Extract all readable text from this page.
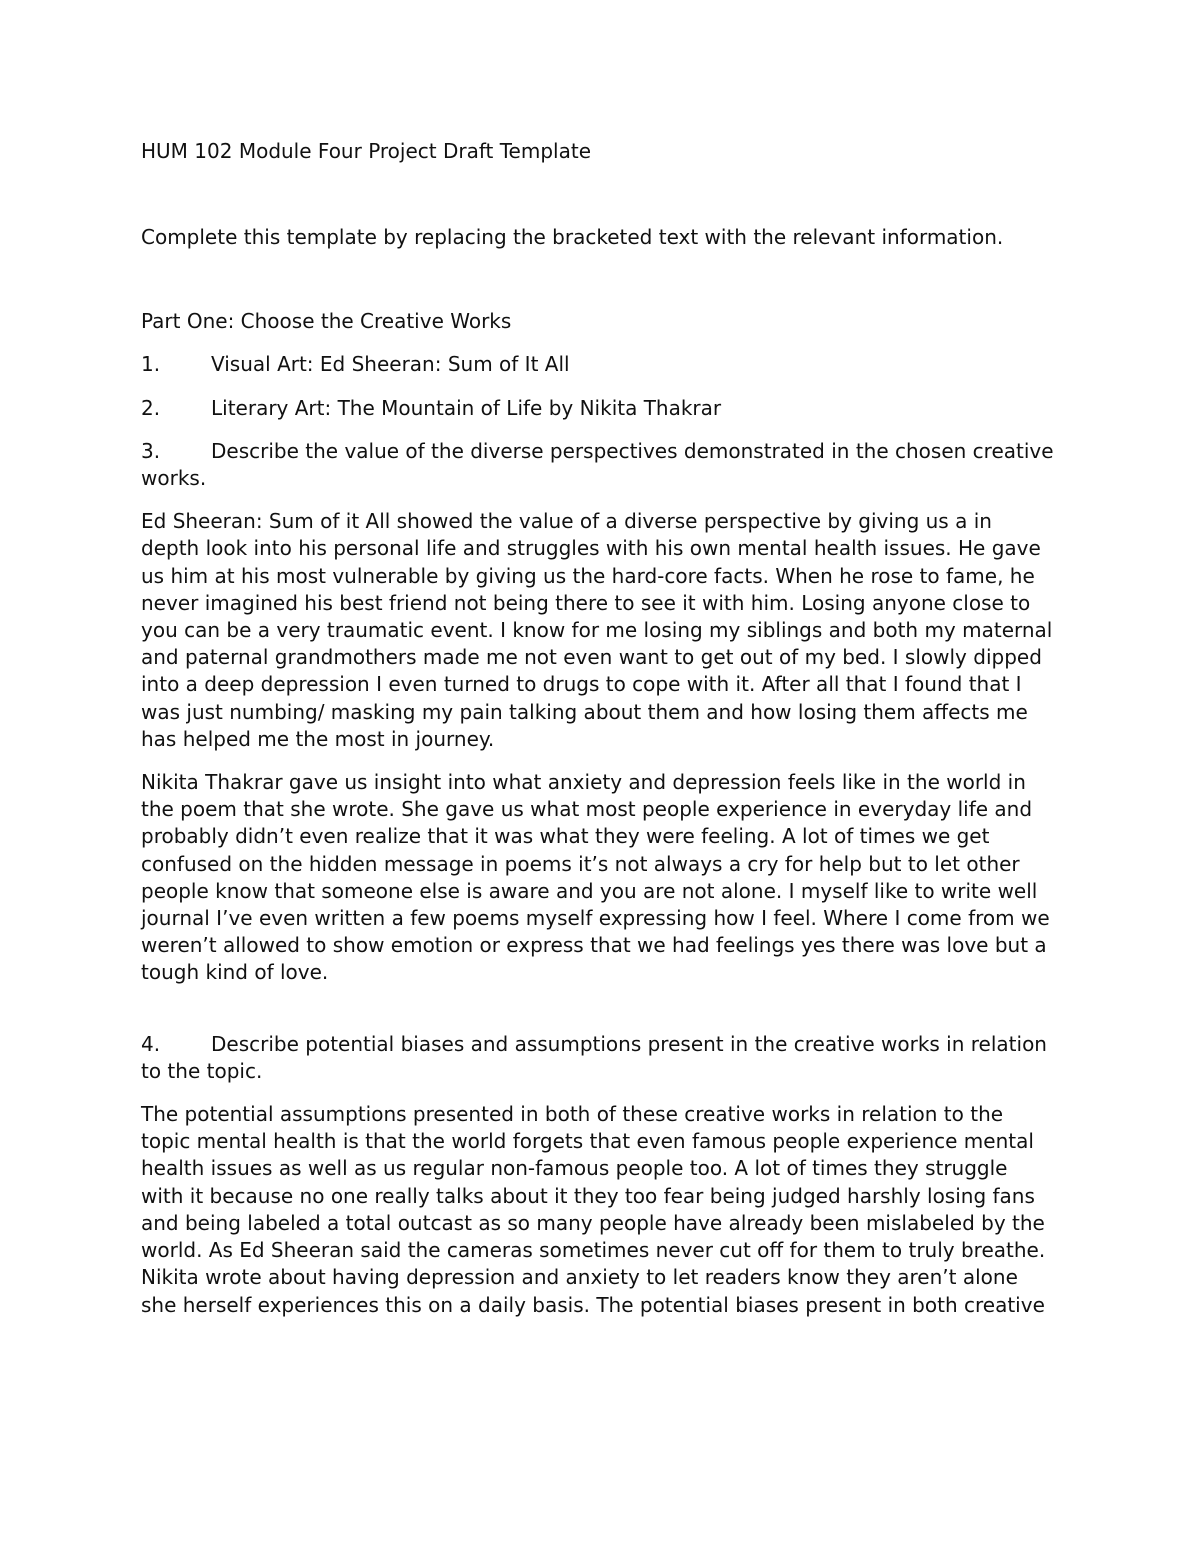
HUM 102 Module Four Project Draft Template

Complete this template by replacing the bracketed text with the relevant information.

Part One: Choose the Creative Works

1.	Visual Art: Ed Sheeran: Sum of It All

2.	Literary Art: The Mountain of Life by Nikita Thakrar

3.	Describe the value of the diverse perspectives demonstrated in the chosen creative works.

Ed Sheeran: Sum of it All showed the value of a diverse perspective by giving us a in depth look into his personal life and struggles with his own mental health issues. He gave us him at his most vulnerable by giving us the hard-core facts. When he rose to fame, he never imagined his best friend not being there to see it with him. Losing anyone close to you can be a very traumatic event. I know for me losing my siblings and both my maternal and paternal grandmothers made me not even want to get out of my bed. I slowly dipped into a deep depression I even turned to drugs to cope with it. After all that I found that I was just numbing/ masking my pain talking about them and how losing them affects me has helped me the most in journey.

Nikita Thakrar gave us insight into what anxiety and depression feels like in the world in the poem that she wrote. She gave us what most people experience in everyday life and probably didn’t even realize that it was what they were feeling. A lot of times we get confused on the hidden message in poems it’s not always a cry for help but to let other people know that someone else is aware and you are not alone. I myself like to write well journal I’ve even written a few poems myself expressing how I feel. Where I come from we weren’t allowed to show emotion or express that we had feelings yes there was love but a tough kind of love.

4.	Describe potential biases and assumptions present in the creative works in relation to the topic.

The potential assumptions presented in both of these creative works in relation to the topic mental health is that the world forgets that even famous people experience mental health issues as well as us regular non-famous people too. A lot of times they struggle with it because no one really talks about it they too fear being judged harshly losing fans and being labeled a total outcast as so many people have already been mislabeled by the world. As Ed Sheeran said the cameras sometimes never cut off for them to truly breathe. Nikita wrote about having depression and anxiety to let readers know they aren’t alone she herself experiences this on a daily basis. The potential biases present in both creative
